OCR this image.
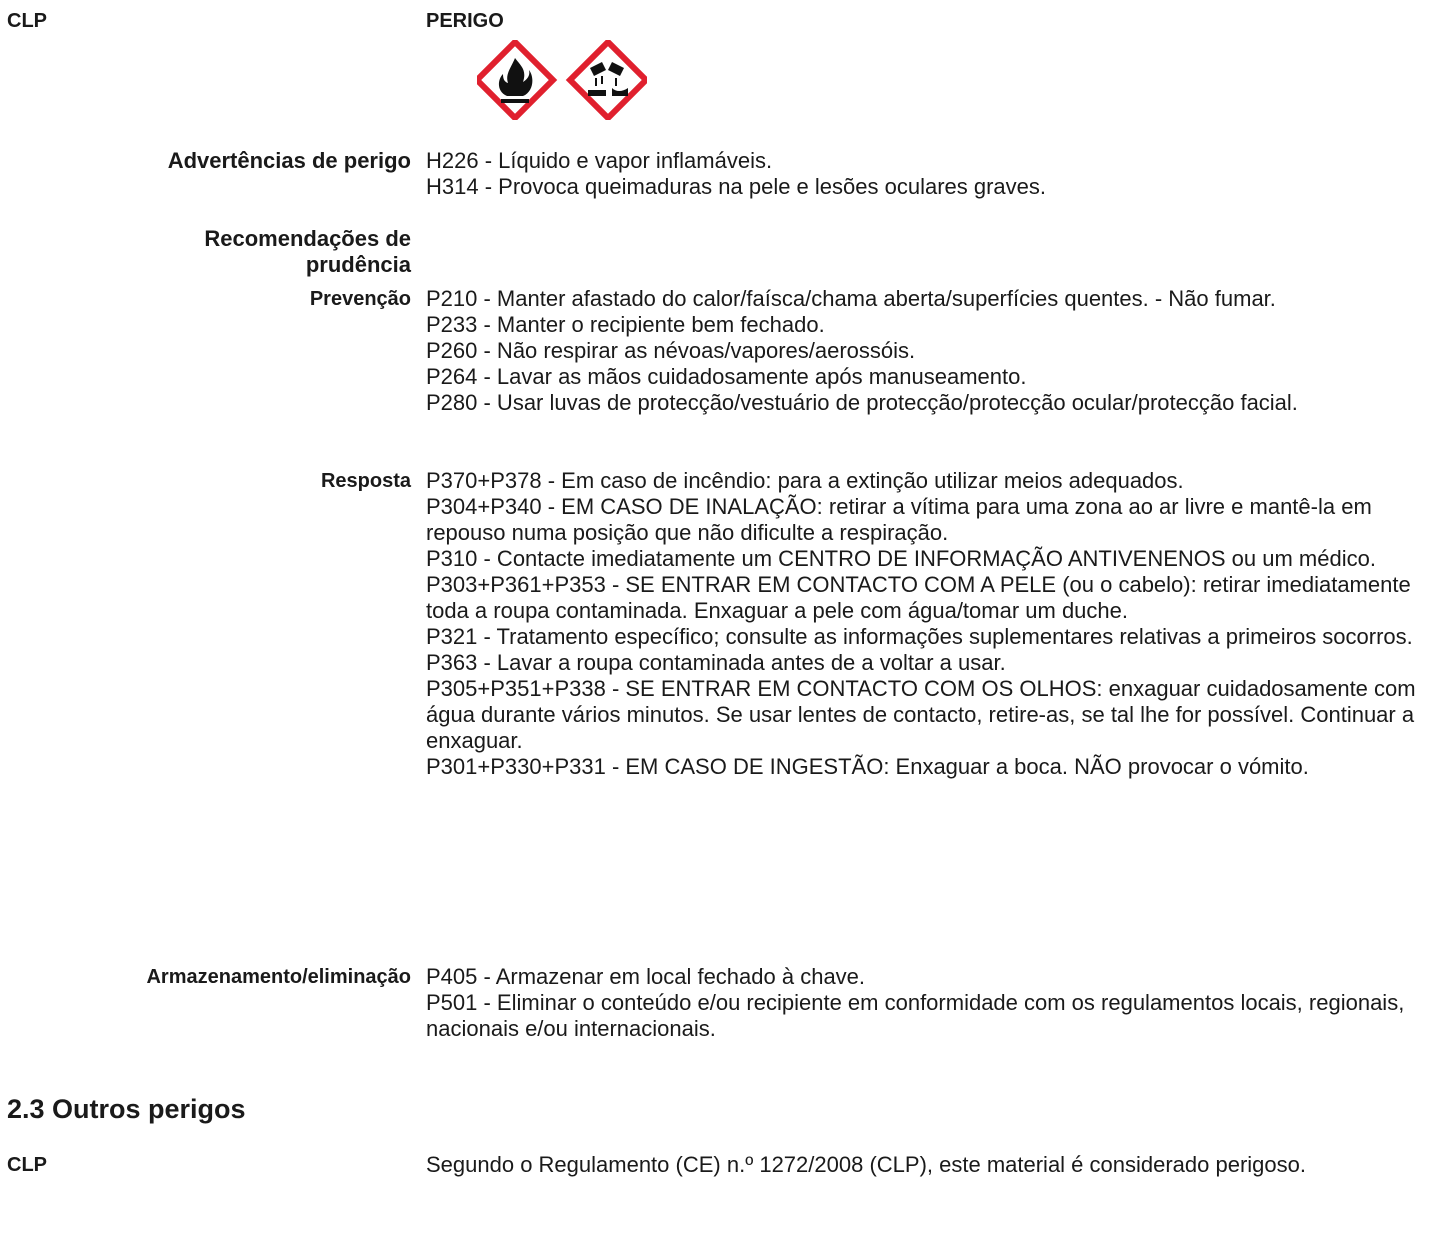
CLP	PERIGO
Advertências de perigo H226 - Líquido e vapor inflamáveis.
H314 - Provoca queimaduras na pele e lesões oculares graves.
Recomendações de prudência
Prevenção P210 - Manter afastado do calor/faísca/chama aberta/superfícies quentes. - Não fumar.
P233 - Manter o recipiente bem fechado.
P260 - Não respirar as névoas/vapores/aerossóis.
P264 - Lavar as mãos cuidadosamente após manuseamento.
P280 - Usar luvas de protecção/vestuário de protecção/protecção ocular/protecção facial.
Resposta P370+P378 - Em caso de incêndio: para a extinção utilizar meios adequados.
P304+P340 - EM CASO DE INALAÇÃO: retirar a vítima para uma zona ao ar livre e mantê-la em repouso numa posição que não dificulte a respiração.
P310 - Contacte imediatamente um CENTRO DE INFORMAÇÃO ANTIVENENOS ou um médico.
P303+P361+P353 - SE ENTRAR EM CONTACTO COM A PELE (ou o cabelo): retirar imediatamente toda a roupa contaminada. Enxaguar a pele com água/tomar um duche.
P321 - Tratamento específico; consulte as informações suplementares relativas a primeiros socorros.
P363 - Lavar a roupa contaminada antes de a voltar a usar.
P305+P351+P338 - SE ENTRAR EM CONTACTO COM OS OLHOS: enxaguar cuidadosamente com água durante vários minutos. Se usar lentes de contacto, retire-as, se tal lhe for possível. Continuar a enxaguar.
P301+P330+P331 - EM CASO DE INGESTÃO: Enxaguar a boca. NÃO provocar o vómito.
Armazenamento/eliminação P405 - Armazenar em local fechado à chave.
P501 - Eliminar o conteúdo e/ou recipiente em conformidade com os regulamentos locais, regionais, nacionais e/ou internacionais.
2.3 Outros perigos
CLP	Segundo o Regulamento (CE) n.º 1272/2008 (CLP), este material é considerado perigoso.
